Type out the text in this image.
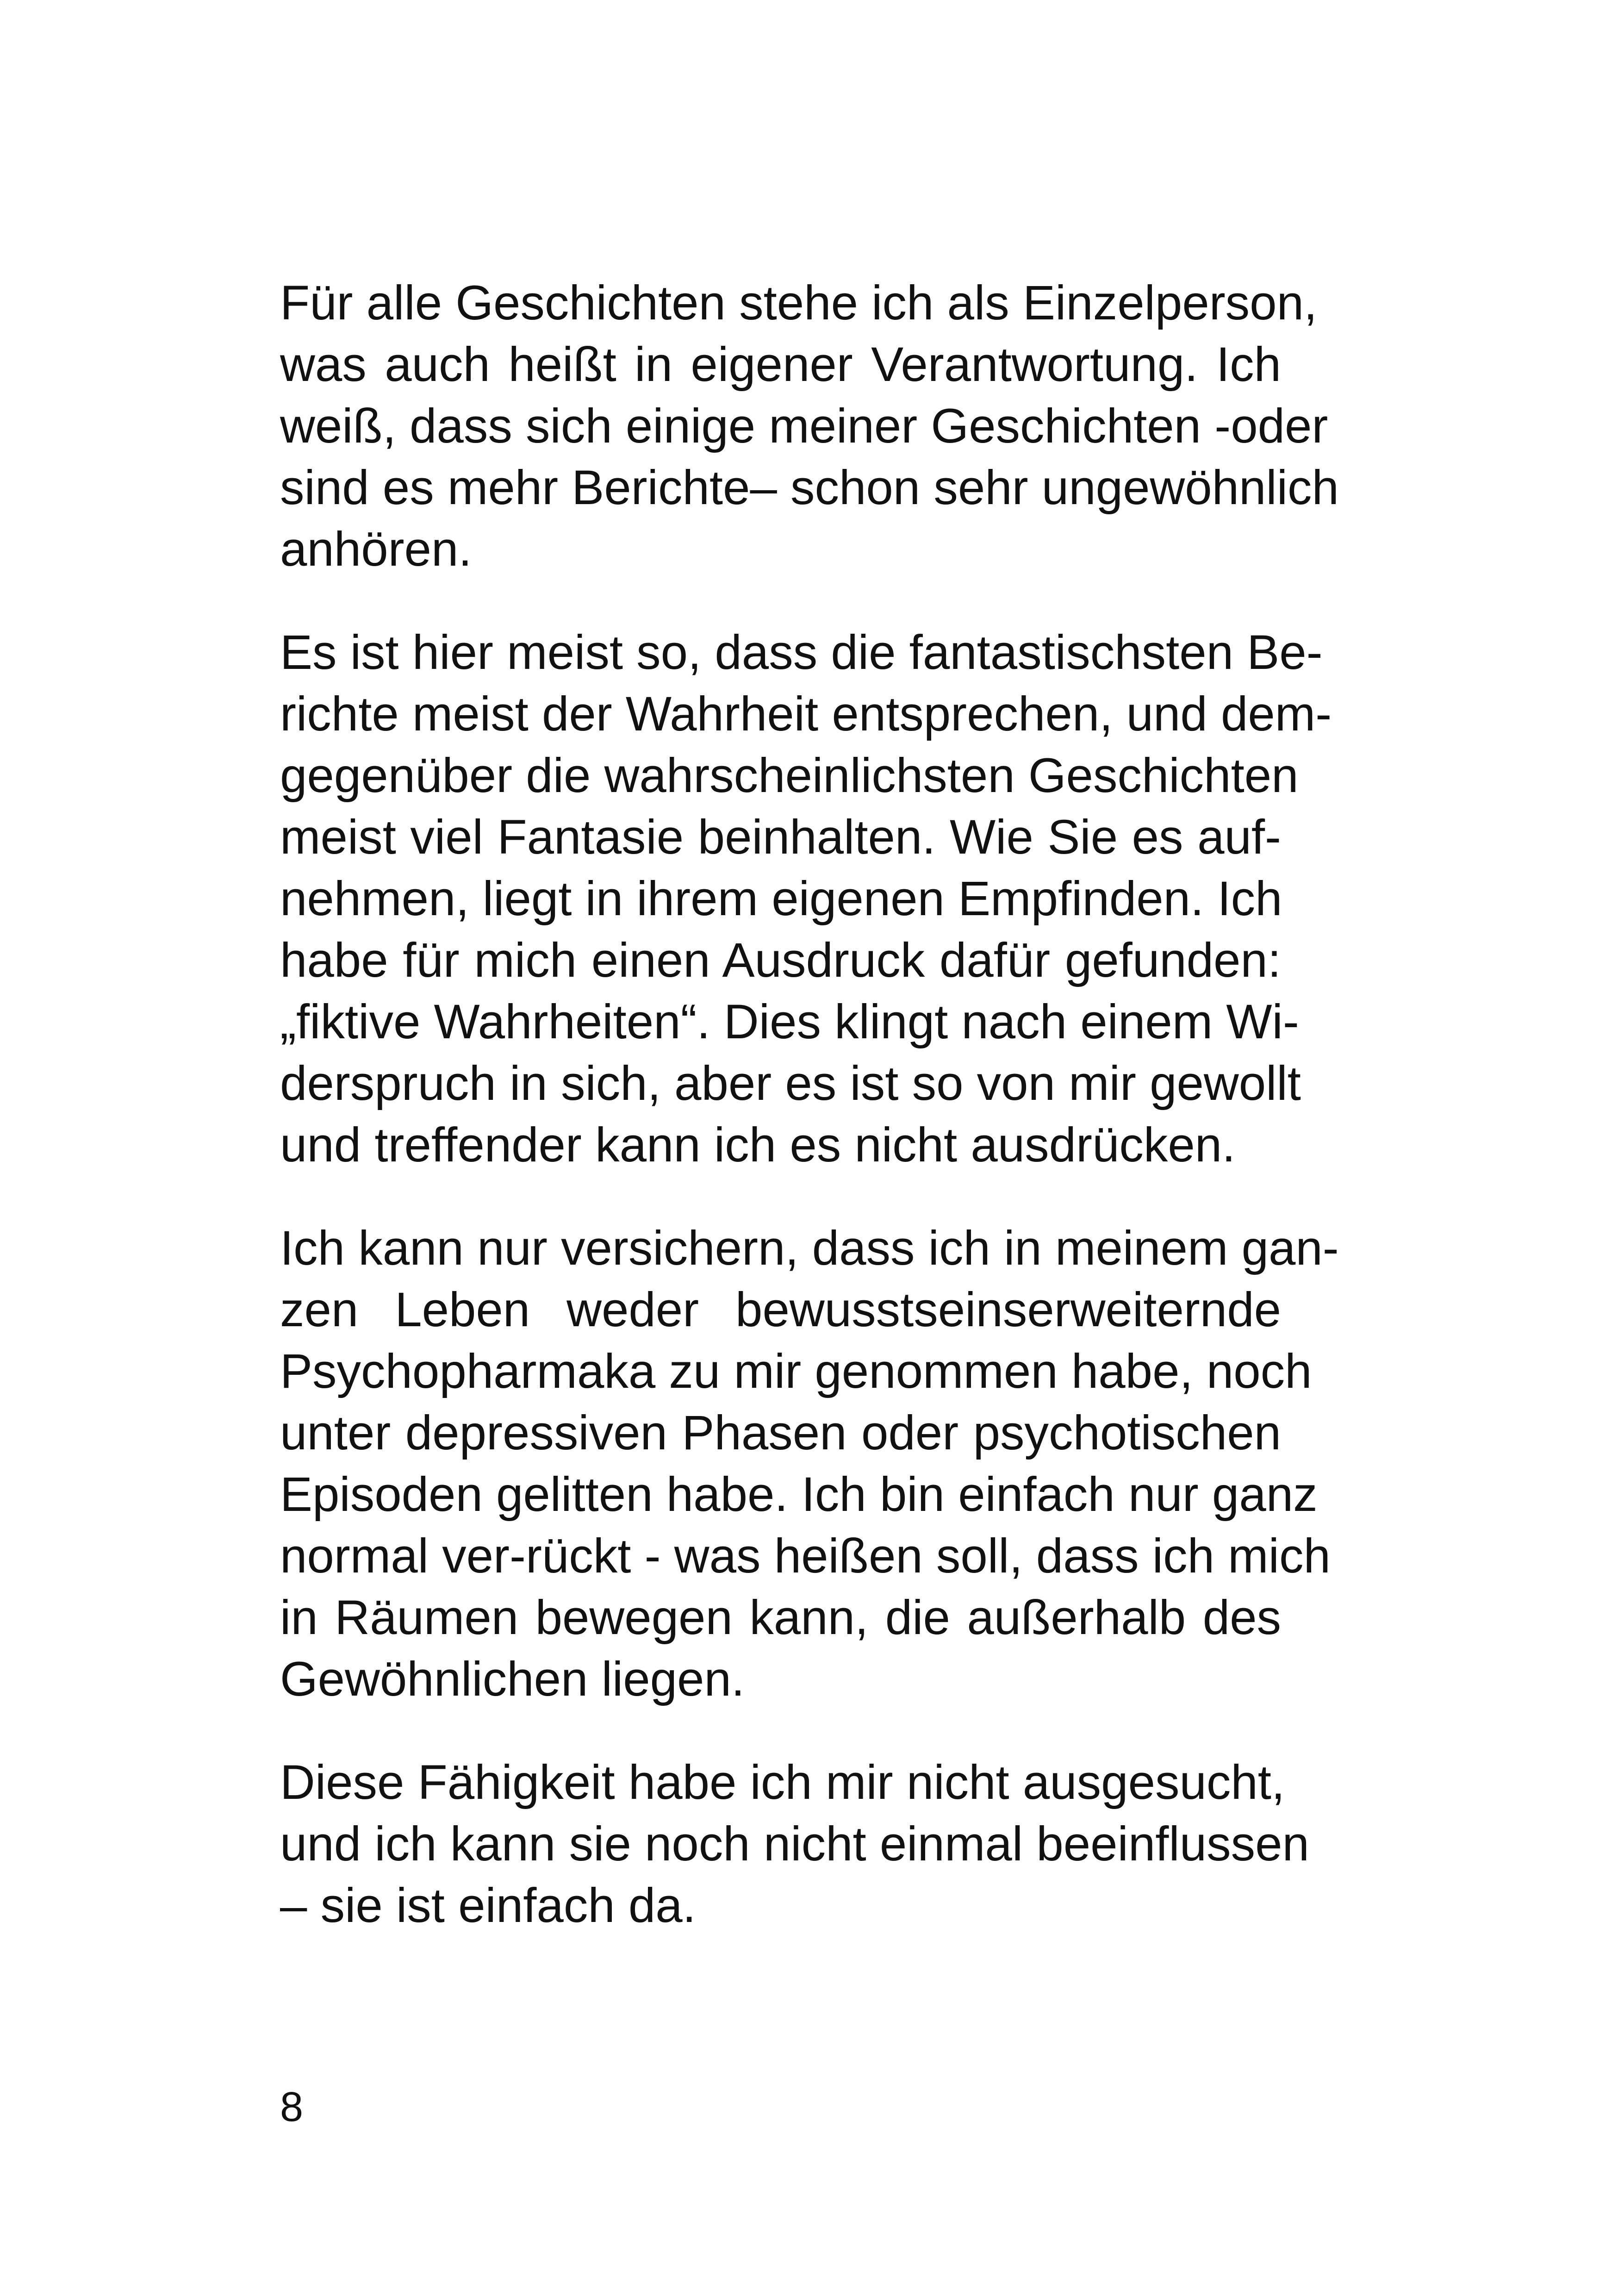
Für alle Geschichten stehe ich als Einzelperson,
was auch heißt in eigener Verantwortung. Ich
weiß, dass sich einige meiner Geschichten -oder
sind es mehr Berichte– schon sehr ungewöhnlich
anhören.

Es ist hier meist so, dass die fantastischsten Be-
richte meist der Wahrheit entsprechen, und dem-
gegenüber die wahrscheinlichsten Geschichten
meist viel Fantasie beinhalten. Wie Sie es auf-
nehmen, liegt in ihrem eigenen Empfinden. Ich
habe für mich einen Ausdruck dafür gefunden:
„fiktive Wahrheiten“. Dies klingt nach einem Wi-
derspruch in sich, aber es ist so von mir gewollt
und treffender kann ich es nicht ausdrücken.

Ich kann nur versichern, dass ich in meinem gan-
zen Leben weder bewusstseinserweiternde
Psychopharmaka zu mir genommen habe, noch
unter depressiven Phasen oder psychotischen
Episoden gelitten habe. Ich bin einfach nur ganz
normal ver-rückt - was heißen soll, dass ich mich
in Räumen bewegen kann, die außerhalb des
Gewöhnlichen liegen.

Diese Fähigkeit habe ich mir nicht ausgesucht,
und ich kann sie noch nicht einmal beeinflussen
– sie ist einfach da.

8
